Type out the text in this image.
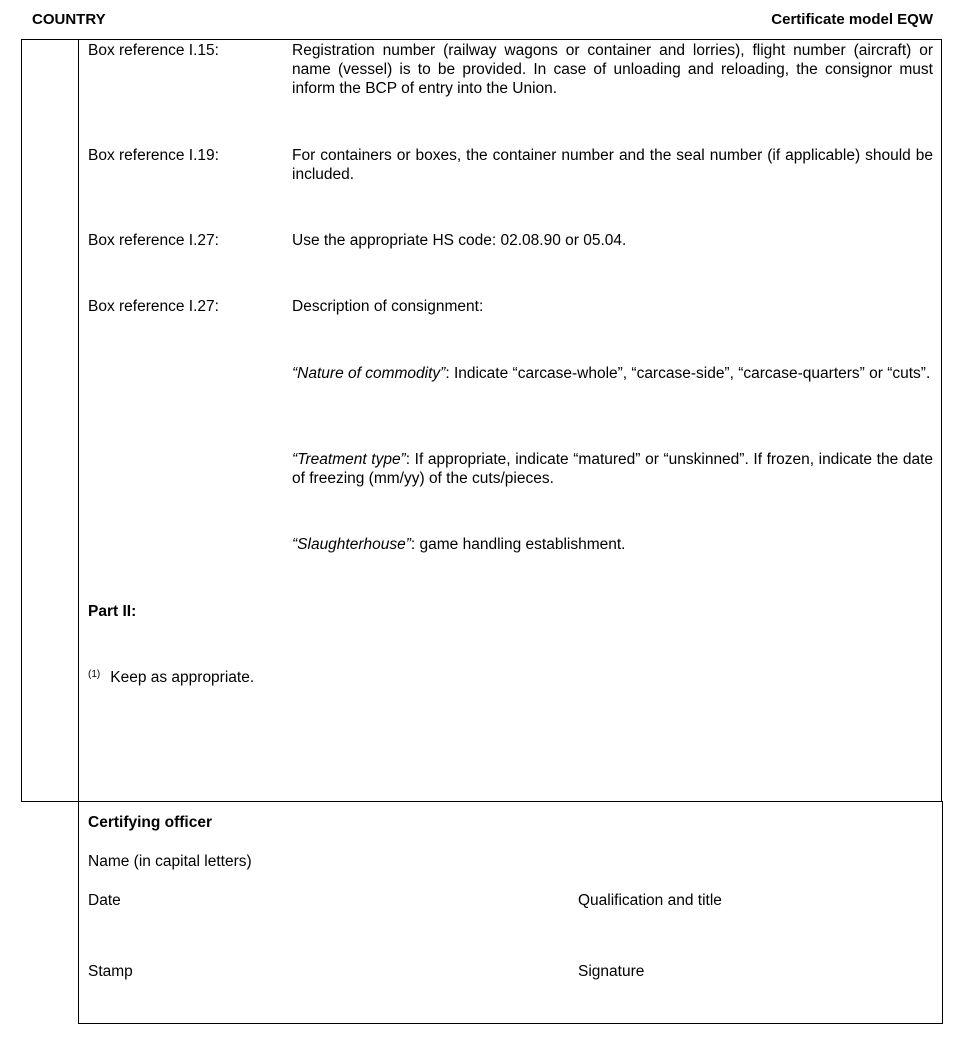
COUNTRY	Certificate model EQW
Box reference I.15:	Registration number (railway wagons or container and lorries), flight number (aircraft) or name (vessel) is to be provided. In case of unloading and reloading, the consignor must inform the BCP of entry into the Union.
Box reference I.19:	For containers or boxes, the container number and the seal number (if applicable) should be included.
Box reference I.27:	Use the appropriate HS code: 02.08.90 or 05.04.
Box reference I.27:	Description of consignment:
“Nature of commodity”: Indicate “carcase-whole”, “carcase-side”, “carcase-quarters” or “cuts”.
“Treatment type”: If appropriate, indicate “matured” or “unskinned”. If frozen, indicate the date of freezing (mm/yy) of the cuts/pieces.
“Slaughterhouse”: game handling establishment.
Part II:
$^{(1)}$ Keep as appropriate.
Certifying officer
Name (in capital letters)
Date	Qualification and title
Stamp	Signature
